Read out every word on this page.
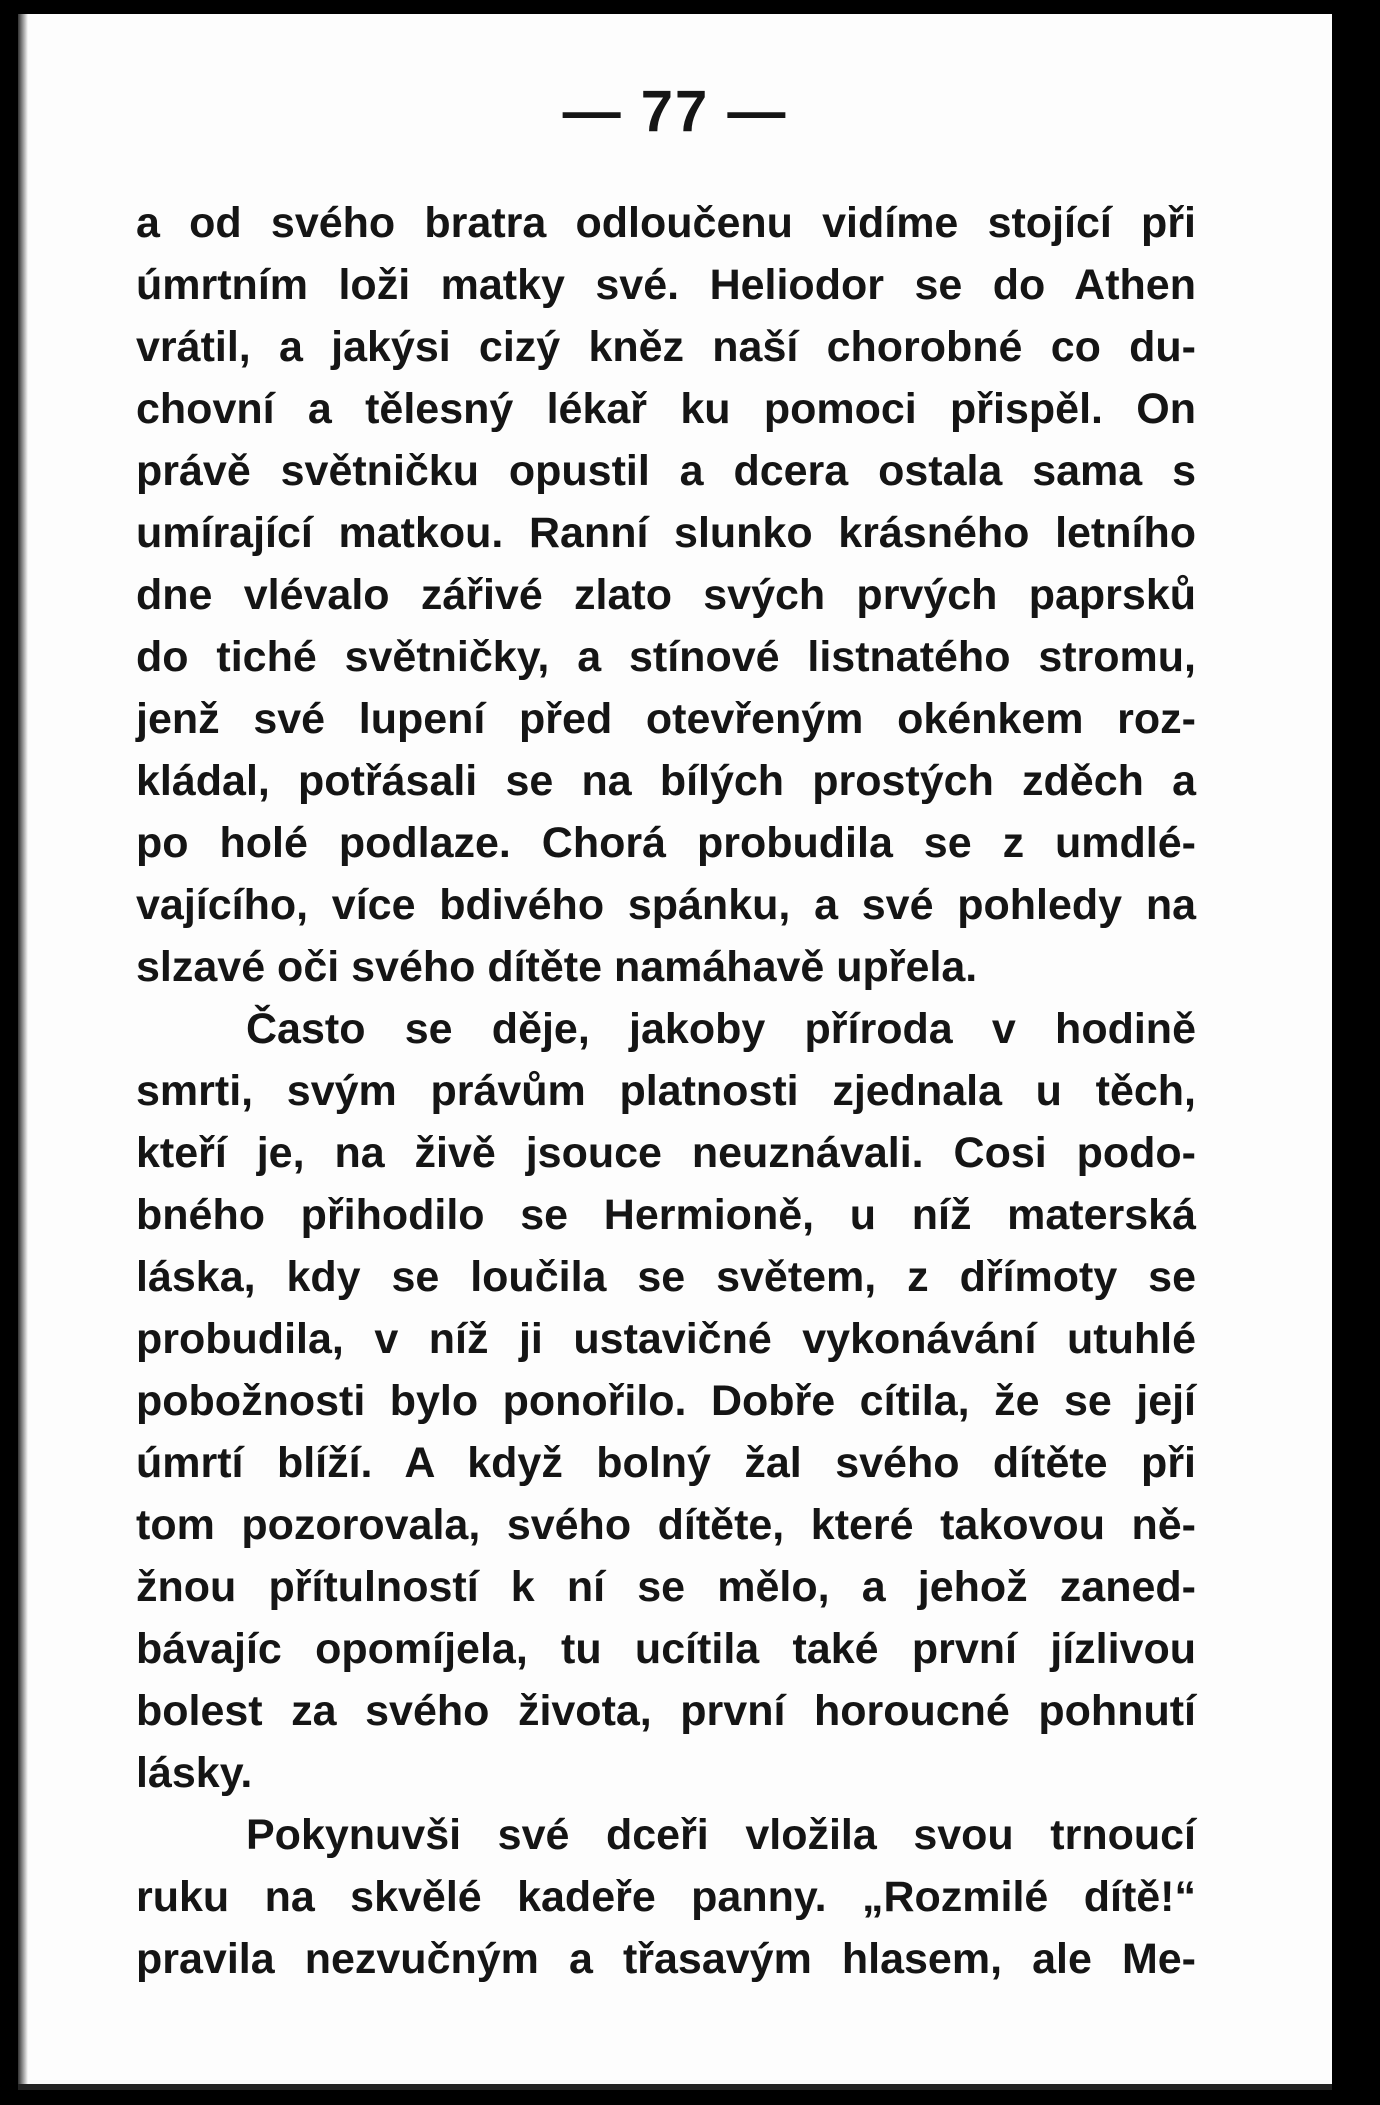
— 77 —
a od svého bratra odloučenu vidíme stojící při
úmrtním loži matky své. Heliodor se do Athen
vrátil, a jakýsi cizý kněz naší chorobné co du-
chovní a tělesný lékař ku pomoci přispěl. On
právě světničku opustil a dcera ostala sama s
umírající matkou. Ranní slunko krásného letního
dne vlévalo zářivé zlato svých prvých paprsků
do tiché světničky, a stínové listnatého stromu,
jenž své lupení před otevřeným okénkem roz-
kládal, potřásali se na bílých prostých zděch a
po holé podlaze. Chorá probudila se z umdlé-
vajícího, více bdivého spánku, a své pohledy na
slzavé oči svého dítěte namáhavě upřela.
Často se děje, jakoby příroda v hodině
smrti, svým právům platnosti zjednala u těch,
kteří je, na živě jsouce neuznávali. Cosi podo-
bného přihodilo se Hermioně, u níž materská
láska, kdy se loučila se světem, z dřímoty se
probudila, v níž ji ustavičné vykonávání utuhlé
pobožnosti bylo ponořilo. Dobře cítila, že se její
úmrtí blíží. A když bolný žal svého dítěte při
tom pozorovala, svého dítěte, které takovou ně-
žnou přítulností k ní se mělo, a jehož zaned-
bávajíc opomíjela, tu ucítila také první jízlivou
bolest za svého života, první horoucné pohnutí
lásky.
Pokynuvši své dceři vložila svou trnoucí
ruku na skvělé kadeře panny. „Rozmilé dítě!“
pravila nezvučným a třasavým hlasem, ale Me-
